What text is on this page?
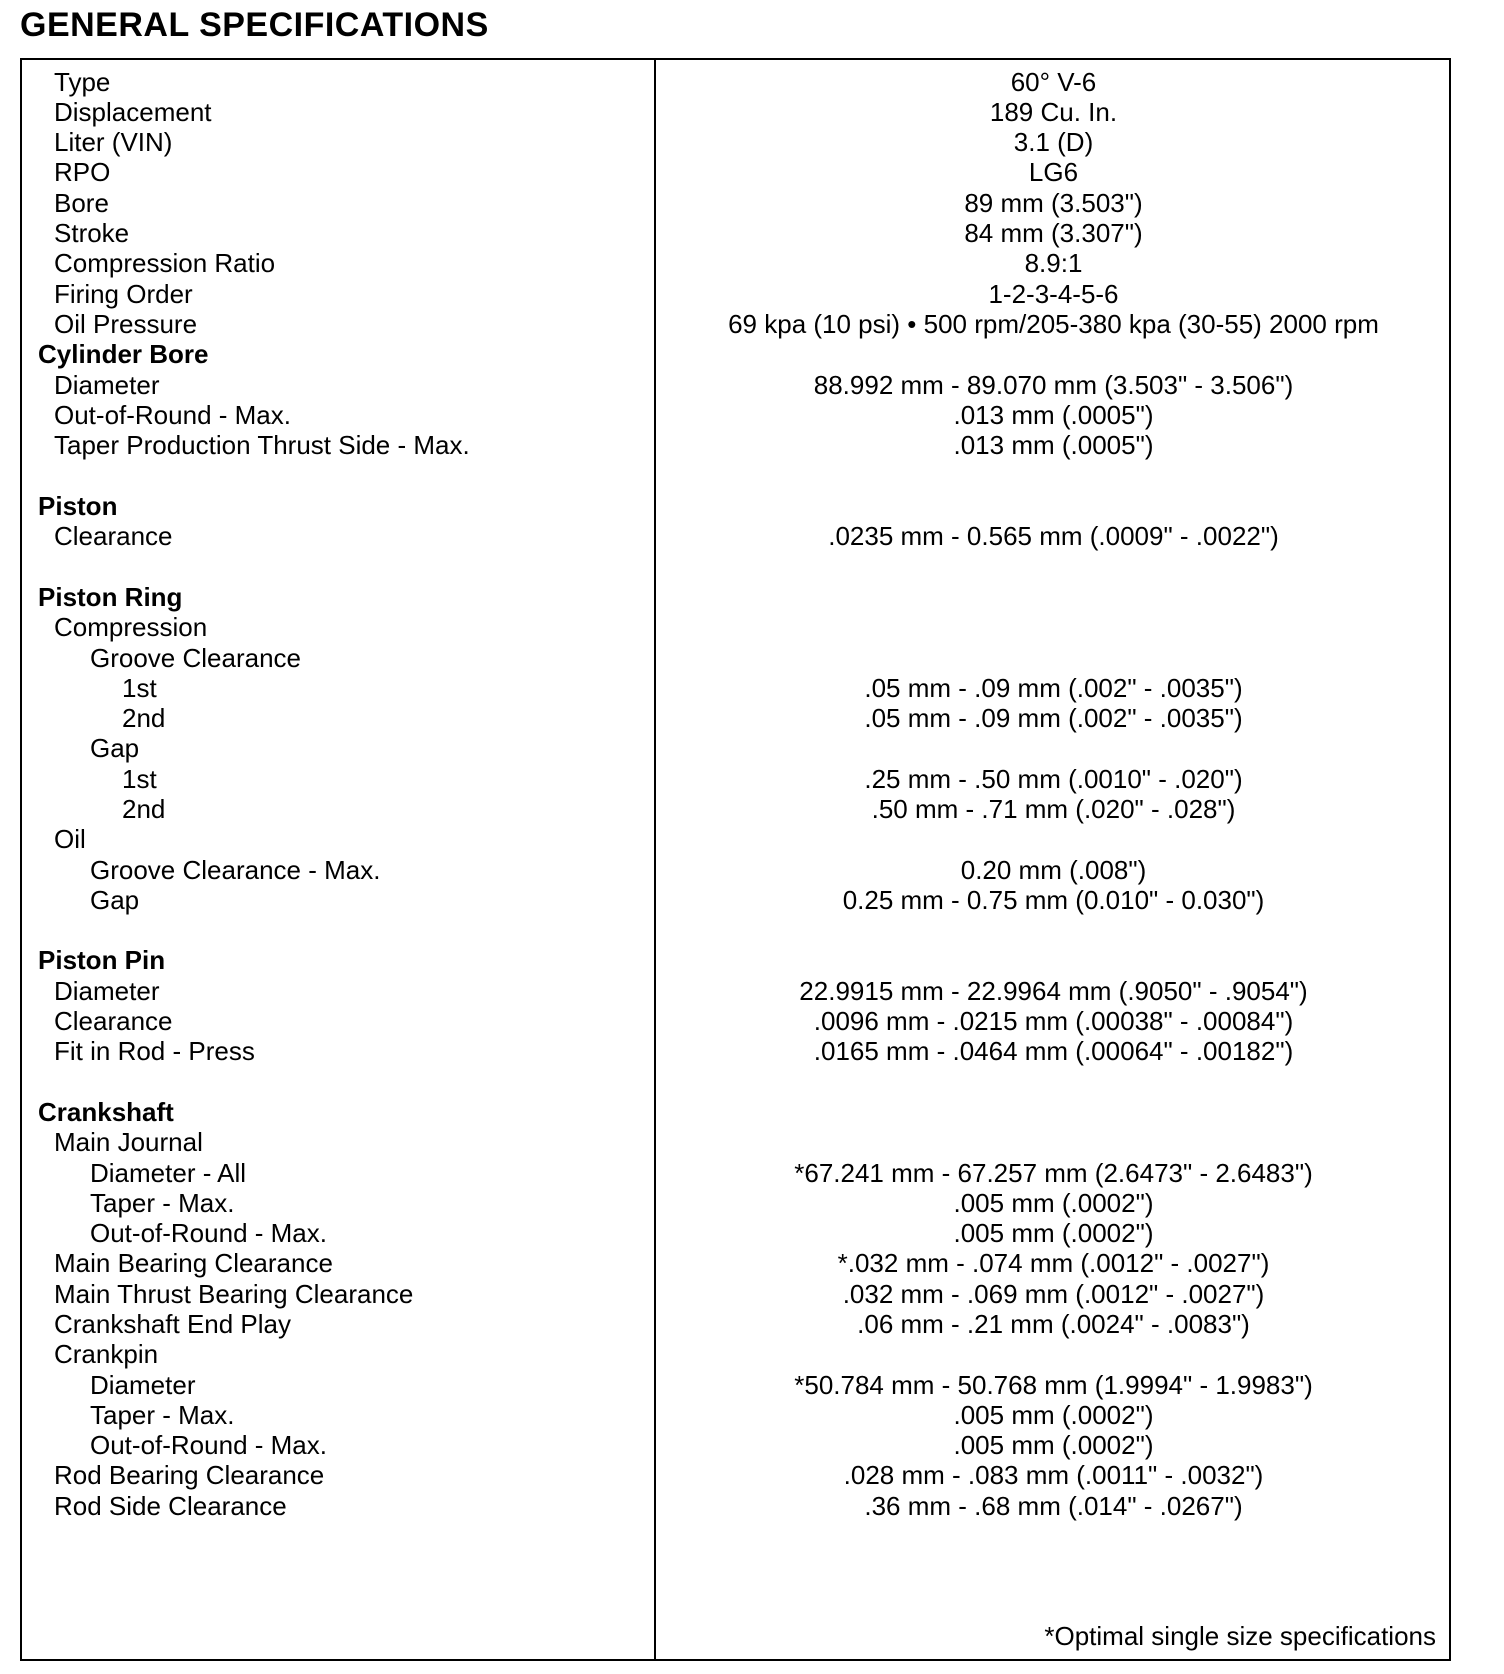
GENERAL SPECIFICATIONS
Type	60° V-6
Displacement	189 Cu. In.
Liter (VIN)	3.1 (D)
RPO	LG6
Bore	89 mm (3.503")
Stroke	84 mm (3.307")
Compression Ratio	8.9:1
Firing Order	1-2-3-4-5-6
Oil Pressure	69 kpa (10 psi) • 500 rpm/205-380 kpa (30-55) 2000 rpm
Cylinder Bore
Diameter	88.992 mm - 89.070 mm (3.503" - 3.506")
Out-of-Round - Max.	.013 mm (.0005")
Taper Production Thrust Side - Max.	.013 mm (.0005")
Piston
Clearance	.0235 mm - 0.565 mm (.0009" - .0022")
Piston Ring
Compression
Groove Clearance
1st	.05 mm - .09 mm (.002" - .0035")
2nd	.05 mm - .09 mm (.002" - .0035")
Gap
1st	.25 mm - .50 mm (.0010" - .020")
2nd	.50 mm - .71 mm (.020" - .028")
Oil
Groove Clearance - Max.	0.20 mm (.008")
Gap	0.25 mm - 0.75 mm (0.010" - 0.030")
Piston Pin
Diameter	22.9915 mm - 22.9964 mm (.9050" - .9054")
Clearance	.0096 mm - .0215 mm (.00038" - .00084")
Fit in Rod - Press	.0165 mm - .0464 mm (.00064" - .00182")
Crankshaft
Main Journal
Diameter - All	*67.241 mm - 67.257 mm (2.6473" - 2.6483")
Taper - Max.	.005 mm (.0002")
Out-of-Round - Max.	.005 mm (.0002")
Main Bearing Clearance	*.032 mm - .074 mm (.0012" - .0027")
Main Thrust Bearing Clearance	.032 mm - .069 mm (.0012" - .0027")
Crankshaft End Play	.06 mm - .21 mm (.0024" - .0083")
Crankpin
Diameter	*50.784 mm - 50.768 mm (1.9994" - 1.9983")
Taper - Max.	.005 mm (.0002")
Out-of-Round - Max.	.005 mm (.0002")
Rod Bearing Clearance	.028 mm - .083 mm (.0011" - .0032")
Rod Side Clearance	.36 mm - .68 mm (.014" - .0267")
*Optimal single size specifications
